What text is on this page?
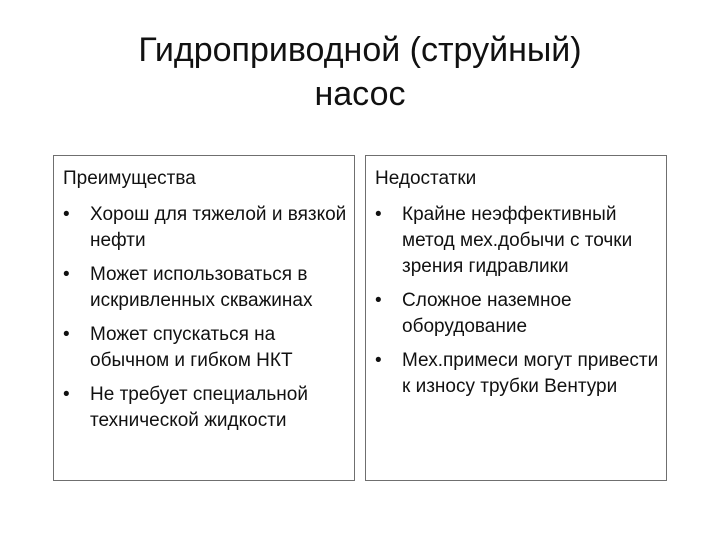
Гидроприводной (струйный)
насос
Преимущества
• Хорош для тяжелой и вязкой нефти
• Может использоваться в искривленных скважинах
• Может спускаться на обычном и гибком НКТ
• Не требует специальной технической жидкости
Недостатки
• Крайне неэффективный метод мех.добычи с точки зрения гидравлики
• Сложное наземное оборудование
• Мех.примеси могут привести к износу трубки Вентури
